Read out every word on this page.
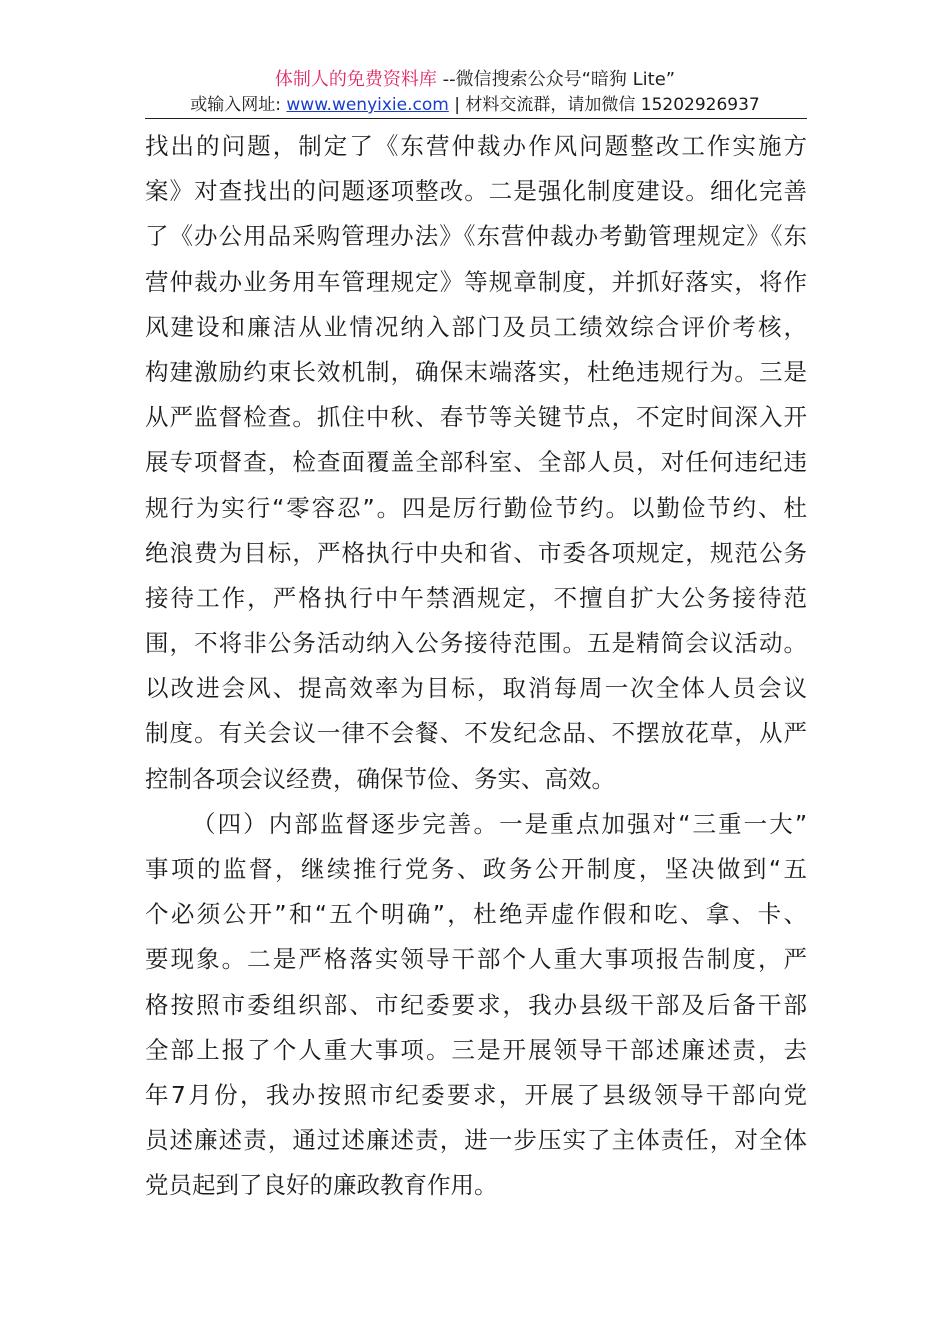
体制人的免费资料库 --微信搜索公众号“暗狗 Lite”
或输入网址: www.wenyixie.com | 材料交流群，请加微信 15202926937
找出的问题，制定了《东营仲裁办作风问题整改工作实施方
案》对查找出的问题逐项整改。二是强化制度建设。细化完善
了《办公用品采购管理办法》《东营仲裁办考勤管理规定》《东
营仲裁办业务用车管理规定》等规章制度，并抓好落实，将作
风建设和廉洁从业情况纳入部门及员工绩效综合评价考核，
构建激励约束长效机制，确保末端落实，杜绝违规行为。三是
从严监督检查。抓住中秋、春节等关键节点，不定时间深入开
展专项督查，检查面覆盖全部科室、全部人员，对任何违纪违
规行为实行“零容忍”。四是厉行勤俭节约。以勤俭节约、杜
绝浪费为目标，严格执行中央和省、市委各项规定，规范公务
接待工作，严格执行中午禁酒规定，不擅自扩大公务接待范
围，不将非公务活动纳入公务接待范围。五是精简会议活动。
以改进会风、提高效率为目标，取消每周一次全体人员会议
制度。有关会议一律不会餐、不发纪念品、不摆放花草，从严
控制各项会议经费，确保节俭、务实、高效。
（四）内部监督逐步完善。一是重点加强对“三重一大”
事项的监督，继续推行党务、政务公开制度，坚决做到“五
个必须公开”和“五个明确”，杜绝弄虚作假和吃、拿、卡、
要现象。二是严格落实领导干部个人重大事项报告制度，严
格按照市委组织部、市纪委要求，我办县级干部及后备干部
全部上报了个人重大事项。三是开展领导干部述廉述责，去
年7月份，我办按照市纪委要求，开展了县级领导干部向党
员述廉述责，通过述廉述责，进一步压实了主体责任，对全体
党员起到了良好的廉政教育作用。
